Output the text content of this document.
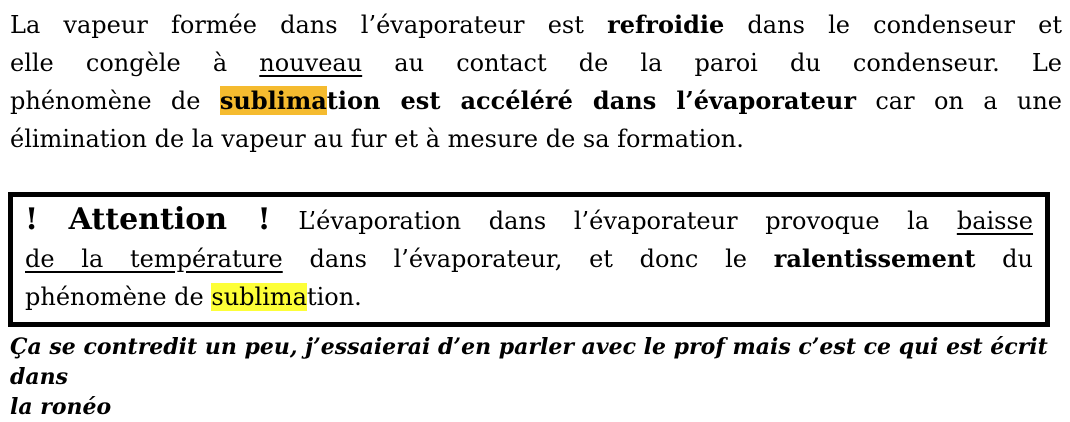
La vapeur formée dans l’évaporateur est refroidie dans le condenseur et
elle congèle à nouveau au contact de la paroi du condenseur. Le
phénomène de sublimation est accéléré dans l’évaporateur car on a une
élimination de la vapeur au fur et à mesure de sa formation.
! Attention ! L’évaporation dans l’évaporateur provoque la baisse
de la température dans l’évaporateur, et donc le ralentissement du
phénomène de sublimation.
Ça se contredit un peu, j’essaierai d’en parler avec le prof mais c’est ce qui est écrit dans
la ronéo
